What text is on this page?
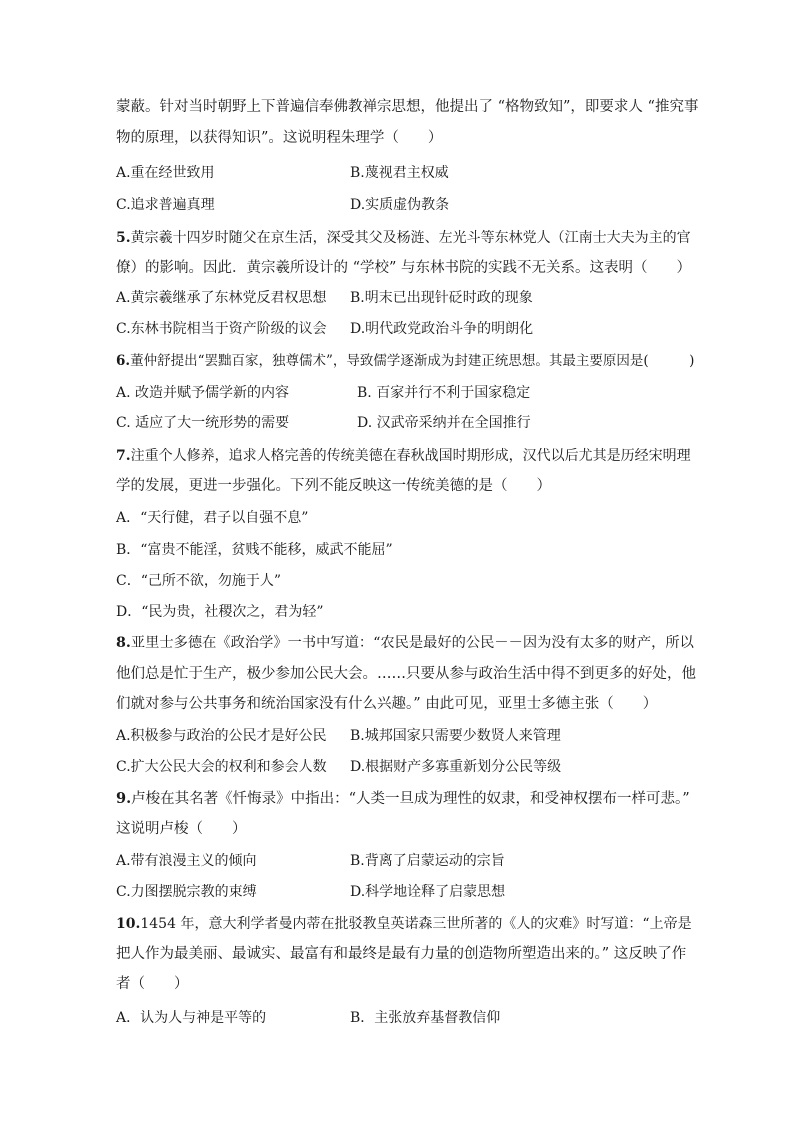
蒙蔽。针对当时朝野上下普遍信奉佛教禅宗思想，他提出了 “格物致知”，即要求人 “推究事
物的原理，以获得知识”。这说明程朱理学（　　）
A.重在经世致用	B.蔑视君主权威
C.追求普遍真理	D.实质虚伪教条
5.黄宗羲十四岁时随父在京生活，深受其父及杨涟、左光斗等东林党人（江南士大夫为主的官
僚）的影响。因此．黄宗羲所设计的 “学校” 与东林书院的实践不无关系。这表明（　　）
A.黄宗羲继承了东林党反君权思想 B.明末已出现针砭时政的现象
C.东林书院相当于资产阶级的议会 D.明代政党政治斗争的明朗化
6.董仲舒提出“罢黜百家，独尊儒术”，导致儒学逐渐成为封建正统思想。其最主要原因是(　　　)
A. 改造并赋予儒学新的内容	B. 百家并行不利于国家稳定
C. 适应了大一统形势的需要	D. 汉武帝采纳并在全国推行
7.注重个人修养，追求人格完善的传统美德在春秋战国时期形成，汉代以后尤其是历经宋明理
学的发展，更进一步强化。下列不能反映这一传统美德的是（　　）
A．“天行健，君子以自强不息”
B．“富贵不能淫，贫贱不能移，威武不能屈”
C．“己所不欲，勿施于人”
D．“民为贵，社稷次之，君为轻”
8.亚里士多德在《政治学》一书中写道：“农民是最好的公民－－因为没有太多的财产，所以
他们总是忙于生产，极少参加公民大会。……只要从参与政治生活中得不到更多的好处，他
们就对参与公共事务和统治国家没有什么兴趣。” 由此可见，亚里士多德主张（　　）
A.积极参与政治的公民才是好公民 B.城邦国家只需要少数贤人来管理
C.扩大公民大会的权利和参会人数 D.根据财产多寡重新划分公民等级
9.卢梭在其名著《忏悔录》中指出：“人类一旦成为理性的奴隶，和受神权摆布一样可悲。”
这说明卢梭（　　）
A.带有浪漫主义的倾向	B.背离了启蒙运动的宗旨
C.力图摆脱宗教的束缚	D.科学地诠释了启蒙思想
10.1454 年，意大利学者曼内蒂在批驳教皇英诺森三世所著的《人的灾难》时写道：“上帝是
把人作为最美丽、最诚实、最富有和最终是最有力量的创造物所塑造出来的。” 这反映了作
者（　　）
A．认为人与神是平等的	B．主张放弃基督教信仰
